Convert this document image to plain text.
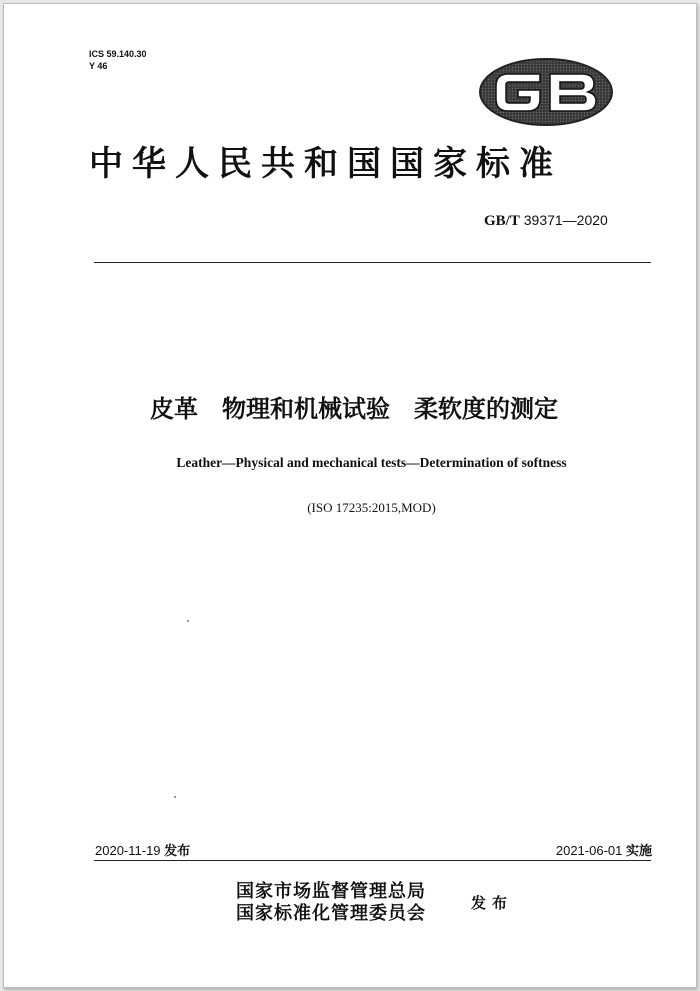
ICS 59.140.30
Y 46
中华人民共和国国家标准
GB/T 39371—2020
皮革　物理和机械试验　柔软度的测定
Leather—Physical and mechanical tests—Determination of softness
(ISO 17235:2015,MOD)
2020-11-19 发布	2021-06-01 实施
国家市场监督管理总局
国家标准化管理委员会	发布
